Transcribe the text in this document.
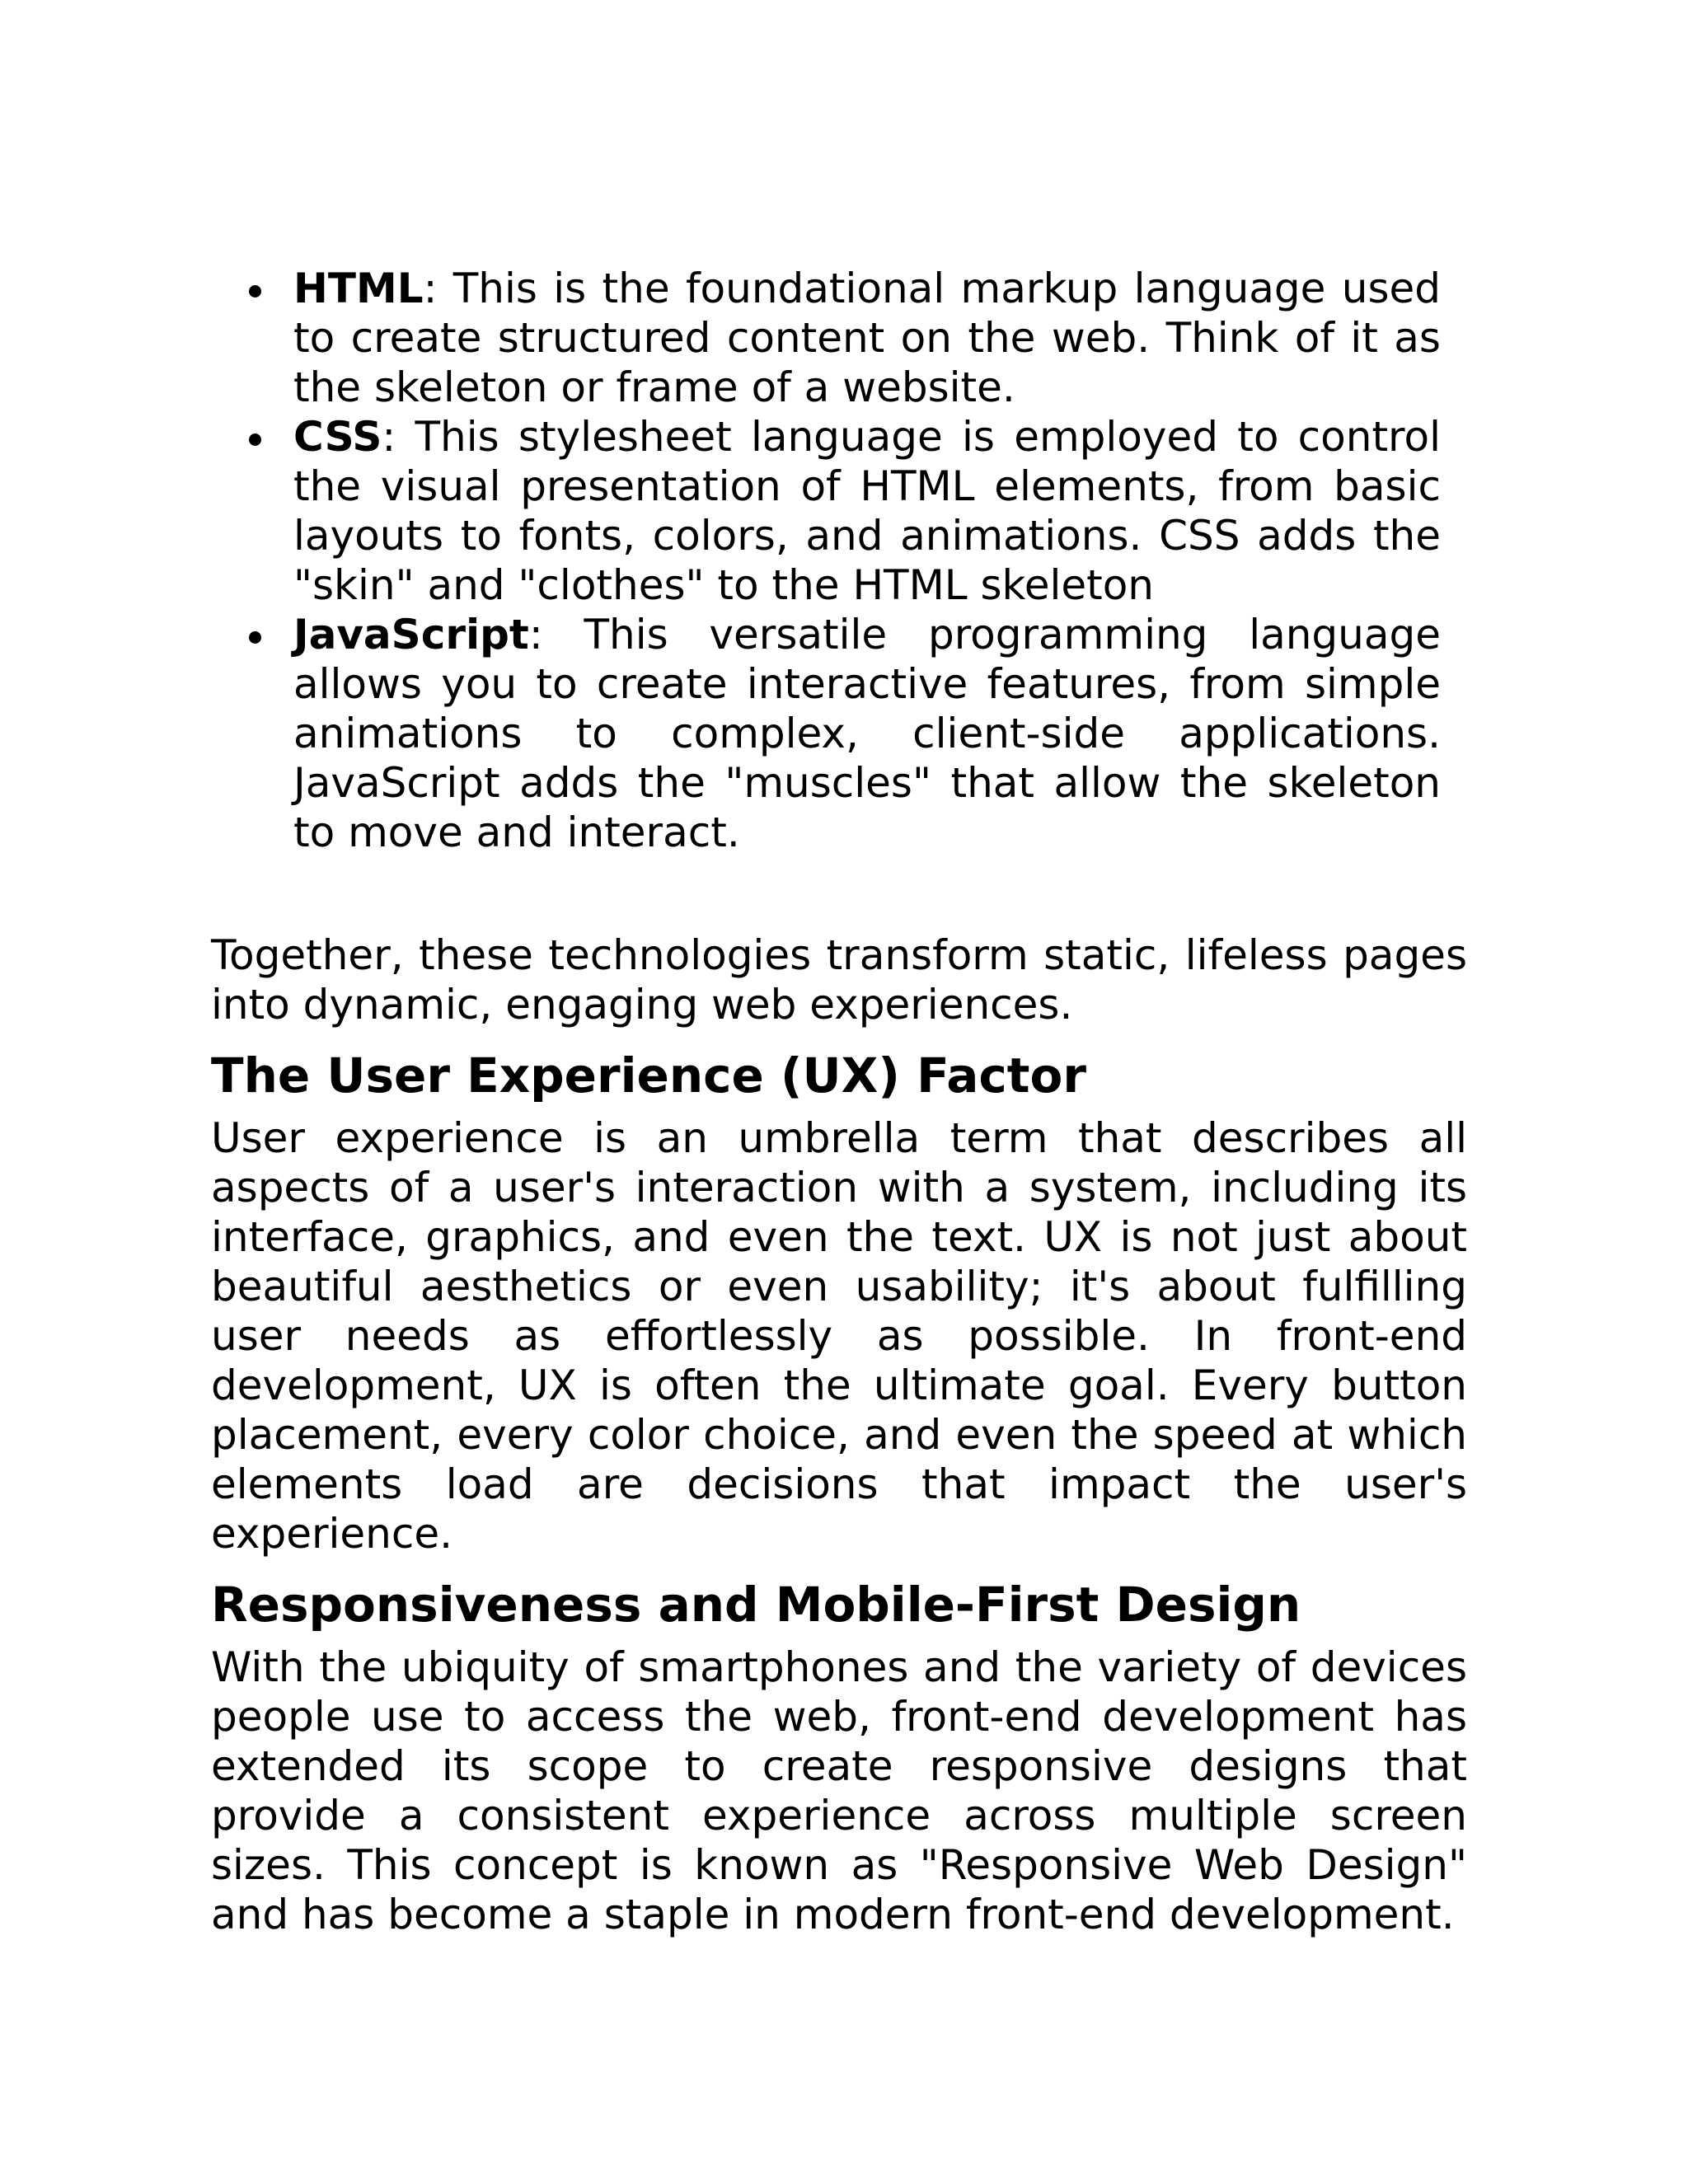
HTML: This is the foundational markup language used to create structured content on the web. Think of it as the skeleton or frame of a website.
CSS: This stylesheet language is employed to control the visual presentation of HTML elements, from basic layouts to fonts, colors, and animations. CSS adds the "skin" and "clothes" to the HTML skeleton
JavaScript: This versatile programming language allows you to create interactive features, from simple animations to complex, client-side applications. JavaScript adds the "muscles" that allow the skeleton to move and interact.

Together, these technologies transform static, lifeless pages into dynamic, engaging web experiences.

The User Experience (UX) Factor

User experience is an umbrella term that describes all aspects of a user's interaction with a system, including its interface, graphics, and even the text. UX is not just about beautiful aesthetics or even usability; it's about fulfilling user needs as effortlessly as possible. In front-end development, UX is often the ultimate goal. Every button placement, every color choice, and even the speed at which elements load are decisions that impact the user's experience.

Responsiveness and Mobile-First Design

With the ubiquity of smartphones and the variety of devices people use to access the web, front-end development has extended its scope to create responsive designs that provide a consistent experience across multiple screen sizes. This concept is known as "Responsive Web Design" and has become a staple in modern front-end development.
